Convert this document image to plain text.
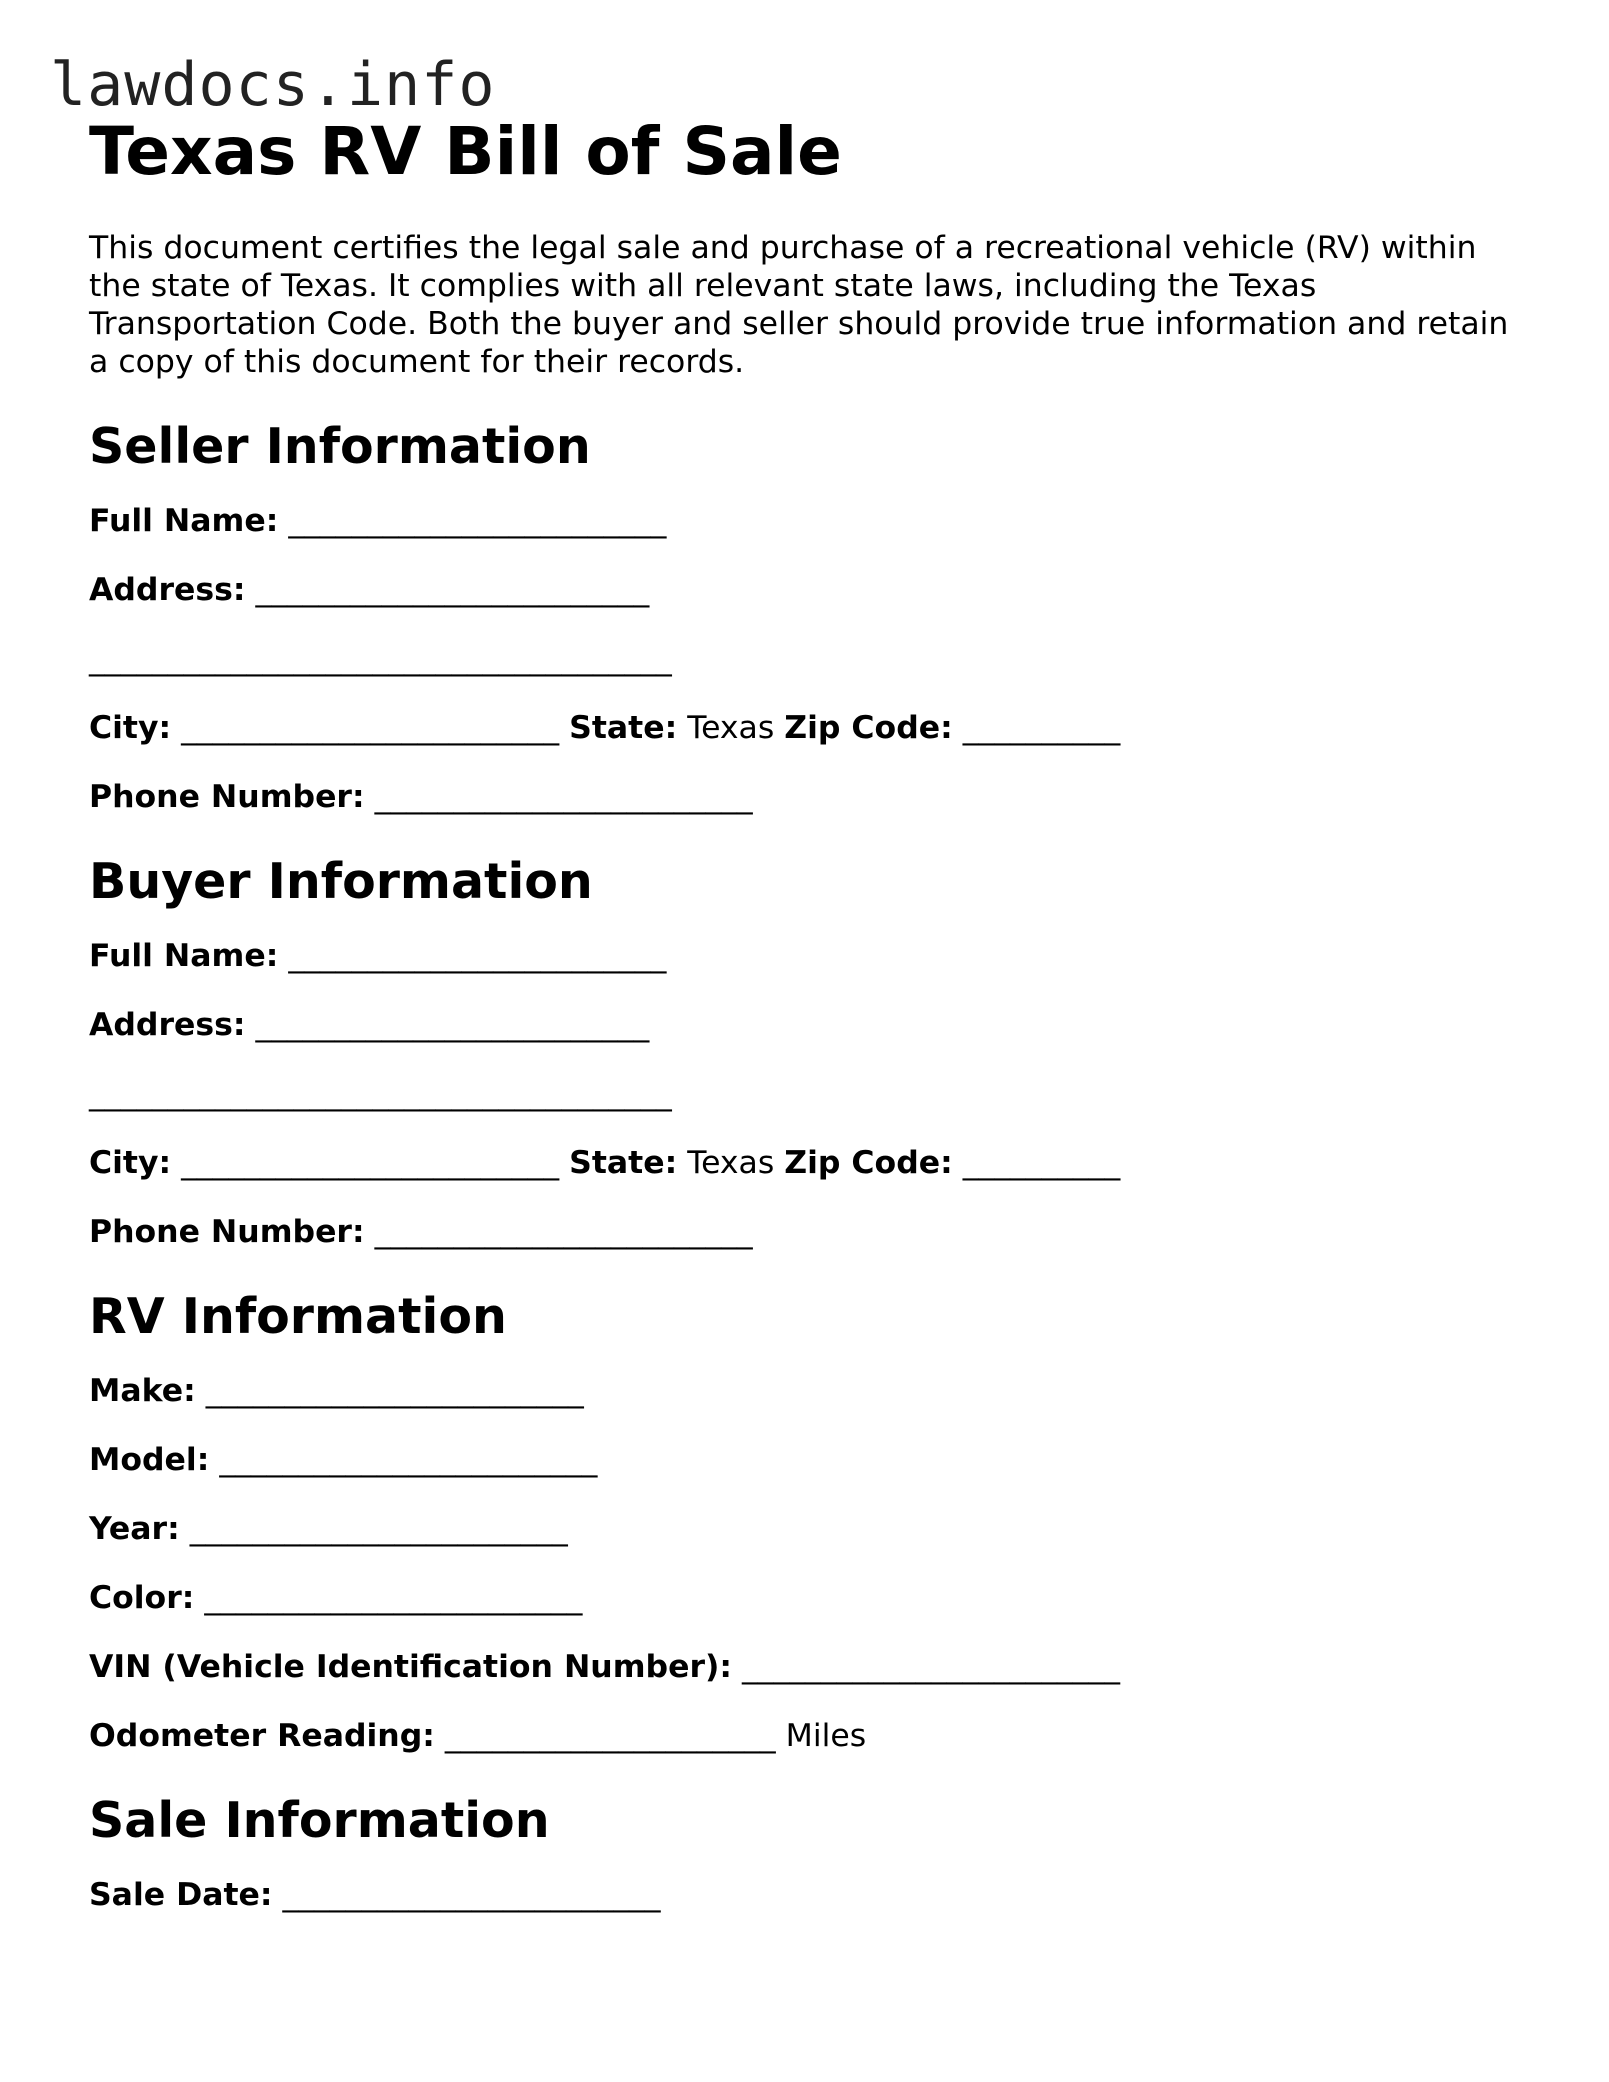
lawdocs.info
Texas RV Bill of Sale

This document certifies the legal sale and purchase of a recreational vehicle (RV) within the state of Texas. It complies with all relevant state laws, including the Texas Transportation Code. Both the buyer and seller should provide true information and retain a copy of this document for their records.

Seller Information
Full Name: ________________________
Address: _________________________
_____________________________________
City: ________________________ State: Texas Zip Code: __________
Phone Number: ________________________
Buyer Information
Full Name: ________________________
Address: _________________________
_____________________________________
City: ________________________ State: Texas Zip Code: __________
Phone Number: ________________________
RV Information
Make: ________________________
Model: ________________________
Year: ________________________
Color: ________________________
VIN (Vehicle Identification Number): ________________________
Odometer Reading: _____________________ Miles
Sale Information
Sale Date: ________________________
